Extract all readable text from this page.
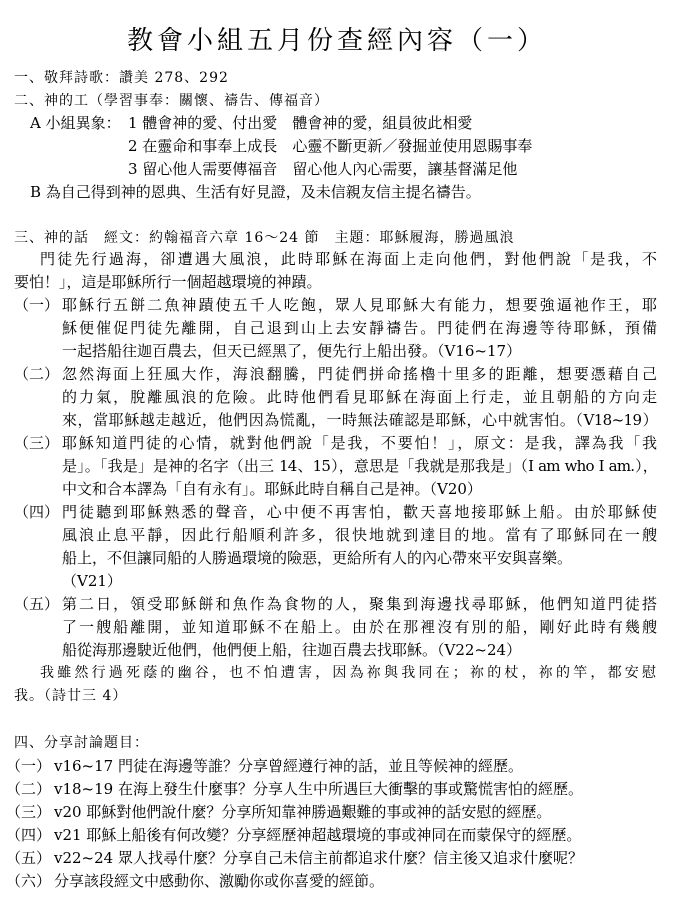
教會小組五月份查經內容（一）
一、敬拜詩歌：讚美 278、292
二、神的工（學習事奉：關懷、禱告、傳福音）
A 小組異象： 1 體會神的愛、付出愛　體會神的愛，組員彼此相愛
2 在靈命和事奉上成長　心靈不斷更新／發掘並使用恩賜事奉
3 留心他人需要傳福音　留心他人內心需要，讓基督滿足他
B 為自己得到神的恩典、生活有好見證，及未信親友信主提名禱告。
三、神的話　經文：約翰福音六章 16～24 節　主題：耶穌履海，勝過風浪
門徒先行過海，卻遭遇大風浪，此時耶穌在海面上走向他們，對他們說「是我，不
要怕！」，這是耶穌所行一個超越環境的神蹟。
（一） 耶穌行五餅二魚神蹟使五千人吃飽，眾人見耶穌大有能力，想要強逼祂作王，耶
穌便催促門徒先離開，自己退到山上去安靜禱告。門徒們在海邊等待耶穌，預備
一起搭船往迦百農去，但天已經黑了，便先行上船出發。（V16~17）
（二） 忽然海面上狂風大作，海浪翻騰，門徒們拼命搖櫓十里多的距離，想要憑藉自己
的力氣，脫離風浪的危險。此時他們看見耶穌在海面上行走，並且朝船的方向走
來，當耶穌越走越近，他們因為慌亂，一時無法確認是耶穌，心中就害怕。（V18~19）
（三） 耶穌知道門徒的心情，就對他們說「是我，不要怕！」，原文：是我，譯為我「我
是」。「我是」是神的名字（出三 14、15），意思是「我就是那我是」（I am who I am.），
中文和合本譯為「自有永有」。耶穌此時自稱自己是神。（V20）
（四） 門徒聽到耶穌熟悉的聲音，心中便不再害怕，歡天喜地接耶穌上船。由於耶穌使
風浪止息平靜，因此行船順利許多，很快地就到達目的地。當有了耶穌同在一艘
船上，不但讓同船的人勝過環境的險惡，更給所有人的內心帶來平安與喜樂。
（V21）
（五） 第二日，領受耶穌餅和魚作為食物的人，聚集到海邊找尋耶穌，他們知道門徒搭
了一艘船離開，並知道耶穌不在船上。由於在那裡沒有別的船，剛好此時有幾艘
船從海那邊駛近他們，他們便上船，往迦百農去找耶穌。（V22~24）
我雖然行過死蔭的幽谷，也不怕遭害，因為祢與我同在；祢的杖，祢的竿，都安慰
我。（詩廿三 4）
四、分享討論題目：
（一） v16~17 門徒在海邊等誰？分享曾經遵行神的話，並且等候神的經歷。
（二） v18~19 在海上發生什麼事？分享人生中所遇巨大衝擊的事或驚慌害怕的經歷。
（三） v20 耶穌對他們說什麼？分享所知靠神勝過艱難的事或神的話安慰的經歷。
（四） v21 耶穌上船後有何改變？分享經歷神超越環境的事或神同在而蒙保守的經歷。
（五） v22~24 眾人找尋什麼？分享自己未信主前都追求什麼？信主後又追求什麼呢？
（六） 分享該段經文中感動你、激勵你或你喜愛的經節。
